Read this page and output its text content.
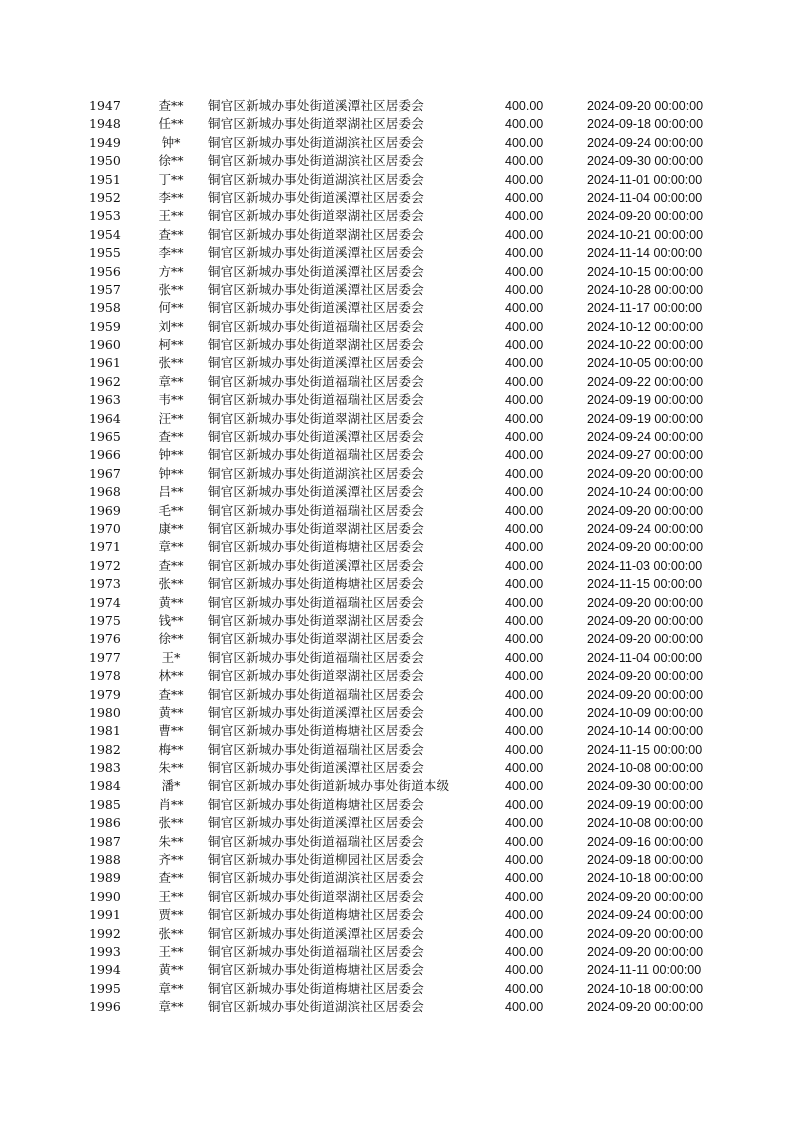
1947	查**	铜官区新城办事处街道溪潭社区居委会	400.00	2024-09-20 00:00:00
1948	任**	铜官区新城办事处街道翠湖社区居委会	400.00	2024-09-18 00:00:00
1949	钟*	铜官区新城办事处街道湖滨社区居委会	400.00	2024-09-24 00:00:00
1950	徐**	铜官区新城办事处街道湖滨社区居委会	400.00	2024-09-30 00:00:00
1951	丁**	铜官区新城办事处街道湖滨社区居委会	400.00	2024-11-01 00:00:00
1952	李**	铜官区新城办事处街道溪潭社区居委会	400.00	2024-11-04 00:00:00
1953	王**	铜官区新城办事处街道翠湖社区居委会	400.00	2024-09-20 00:00:00
1954	查**	铜官区新城办事处街道翠湖社区居委会	400.00	2024-10-21 00:00:00
1955	李**	铜官区新城办事处街道溪潭社区居委会	400.00	2024-11-14 00:00:00
1956	方**	铜官区新城办事处街道溪潭社区居委会	400.00	2024-10-15 00:00:00
1957	张**	铜官区新城办事处街道溪潭社区居委会	400.00	2024-10-28 00:00:00
1958	何**	铜官区新城办事处街道溪潭社区居委会	400.00	2024-11-17 00:00:00
1959	刘**	铜官区新城办事处街道福瑞社区居委会	400.00	2024-10-12 00:00:00
1960	柯**	铜官区新城办事处街道翠湖社区居委会	400.00	2024-10-22 00:00:00
1961	张**	铜官区新城办事处街道溪潭社区居委会	400.00	2024-10-05 00:00:00
1962	章**	铜官区新城办事处街道福瑞社区居委会	400.00	2024-09-22 00:00:00
1963	韦**	铜官区新城办事处街道福瑞社区居委会	400.00	2024-09-19 00:00:00
1964	汪**	铜官区新城办事处街道翠湖社区居委会	400.00	2024-09-19 00:00:00
1965	查**	铜官区新城办事处街道溪潭社区居委会	400.00	2024-09-24 00:00:00
1966	钟**	铜官区新城办事处街道福瑞社区居委会	400.00	2024-09-27 00:00:00
1967	钟**	铜官区新城办事处街道湖滨社区居委会	400.00	2024-09-20 00:00:00
1968	吕**	铜官区新城办事处街道溪潭社区居委会	400.00	2024-10-24 00:00:00
1969	毛**	铜官区新城办事处街道福瑞社区居委会	400.00	2024-09-20 00:00:00
1970	康**	铜官区新城办事处街道翠湖社区居委会	400.00	2024-09-24 00:00:00
1971	章**	铜官区新城办事处街道梅塘社区居委会	400.00	2024-09-20 00:00:00
1972	查**	铜官区新城办事处街道溪潭社区居委会	400.00	2024-11-03 00:00:00
1973	张**	铜官区新城办事处街道梅塘社区居委会	400.00	2024-11-15 00:00:00
1974	黄**	铜官区新城办事处街道福瑞社区居委会	400.00	2024-09-20 00:00:00
1975	钱**	铜官区新城办事处街道翠湖社区居委会	400.00	2024-09-20 00:00:00
1976	徐**	铜官区新城办事处街道翠湖社区居委会	400.00	2024-09-20 00:00:00
1977	王*	铜官区新城办事处街道福瑞社区居委会	400.00	2024-11-04 00:00:00
1978	林**	铜官区新城办事处街道翠湖社区居委会	400.00	2024-09-20 00:00:00
1979	查**	铜官区新城办事处街道福瑞社区居委会	400.00	2024-09-20 00:00:00
1980	黄**	铜官区新城办事处街道溪潭社区居委会	400.00	2024-10-09 00:00:00
1981	曹**	铜官区新城办事处街道梅塘社区居委会	400.00	2024-10-14 00:00:00
1982	梅**	铜官区新城办事处街道福瑞社区居委会	400.00	2024-11-15 00:00:00
1983	朱**	铜官区新城办事处街道溪潭社区居委会	400.00	2024-10-08 00:00:00
1984	潘*	铜官区新城办事处街道新城办事处街道本级	400.00	2024-09-30 00:00:00
1985	肖**	铜官区新城办事处街道梅塘社区居委会	400.00	2024-09-19 00:00:00
1986	张**	铜官区新城办事处街道溪潭社区居委会	400.00	2024-10-08 00:00:00
1987	朱**	铜官区新城办事处街道福瑞社区居委会	400.00	2024-09-16 00:00:00
1988	齐**	铜官区新城办事处街道柳园社区居委会	400.00	2024-09-18 00:00:00
1989	查**	铜官区新城办事处街道湖滨社区居委会	400.00	2024-10-18 00:00:00
1990	王**	铜官区新城办事处街道翠湖社区居委会	400.00	2024-09-20 00:00:00
1991	贾**	铜官区新城办事处街道梅塘社区居委会	400.00	2024-09-24 00:00:00
1992	张**	铜官区新城办事处街道溪潭社区居委会	400.00	2024-09-20 00:00:00
1993	王**	铜官区新城办事处街道福瑞社区居委会	400.00	2024-09-20 00:00:00
1994	黄**	铜官区新城办事处街道梅塘社区居委会	400.00	2024-11-11 00:00:00
1995	章**	铜官区新城办事处街道梅塘社区居委会	400.00	2024-10-18 00:00:00
1996	章**	铜官区新城办事处街道湖滨社区居委会	400.00	2024-09-20 00:00:00
